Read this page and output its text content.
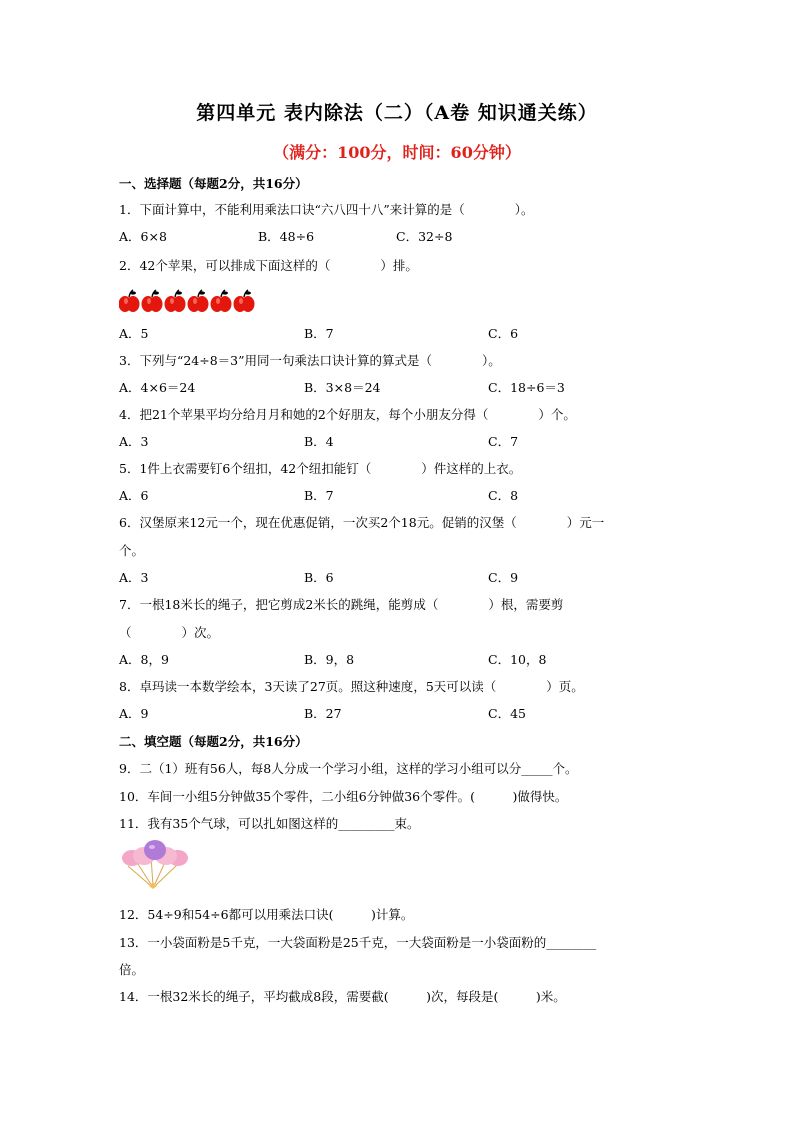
第四单元 表内除法（二）（A卷 知识通关练）
（满分：100分，时间：60分钟）
一、选择题（每题2分，共16分）
1．下面计算中，不能利用乘法口诀“六八四十八”来计算的是（　　　　）。
A．6×8	B．48÷6	C．32÷8
2．42个苹果，可以排成下面这样的（　　　　）排。
A．5	B．7	C．6
3．下列与“24÷8＝3”用同一句乘法口诀计算的算式是（　　　　）。
A．4×6＝24	B．3×8＝24	C．18÷6＝3
4．把21个苹果平均分给月月和她的2个好朋友，每个小朋友分得（　　　　）个。
A．3	B．4	C．7
5．1件上衣需要钉6个纽扣，42个纽扣能钉（　　　　）件这样的上衣。
A．6	B．7	C．8
6．汉堡原来12元一个，现在优惠促销，一次买2个18元。促销的汉堡（　　　　）元一
个。
A．3	B．6	C．9
7．一根18米长的绳子，把它剪成2米长的跳绳，能剪成（　　　　）根，需要剪
（　　　　）次。
A．8，9	B．9，8	C．10，8
8．卓玛读一本数学绘本，3天读了27页。照这种速度，5天可以读（　　　　）页。
A．9	B．27	C．45
二、填空题（每题2分，共16分）
9．二（1）班有56人，每8人分成一个学习小组，这样的学习小组可以分_____个。
10．车间一小组5分钟做35个零件，二小组6分钟做36个零件。(　　　)做得快。
11．我有35个气球，可以扎如图这样的_________束。
12．54÷9和54÷6都可以用乘法口诀(　　　)计算。
13．一小袋面粉是5千克，一大袋面粉是25千克，一大袋面粉是一小袋面粉的________
倍。
14．一根32米长的绳子，平均截成8段，需要截(　　　)次，每段是(　　　)米。
